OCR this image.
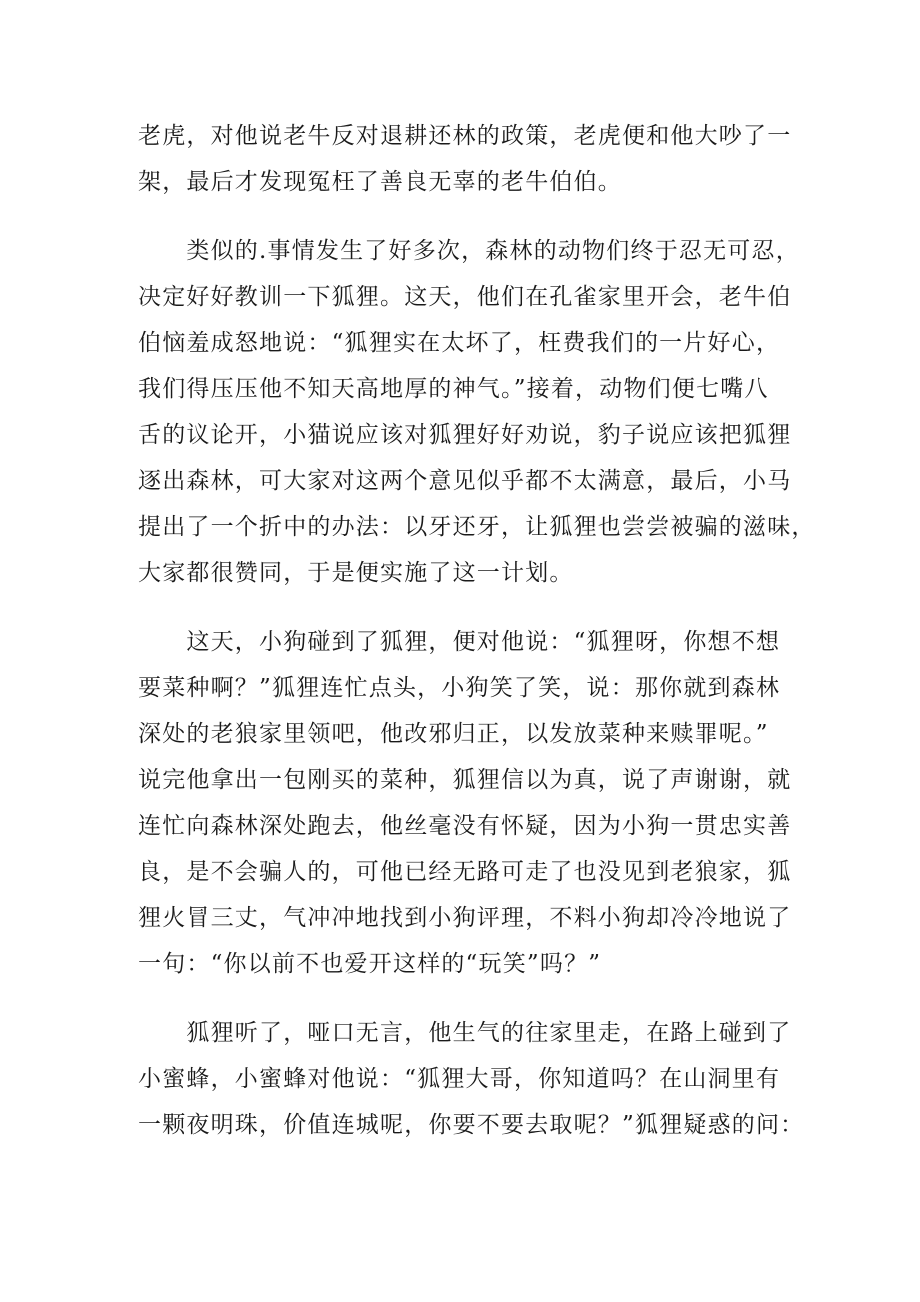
老虎，对他说老牛反对退耕还林的政策，老虎便和他大吵了一
架，最后才发现冤枉了善良无辜的老牛伯伯。

　　类似的.事情发生了好多次，森林的动物们终于忍无可忍，
决定好好教训一下狐狸。这天，他们在孔雀家里开会，老牛伯
伯恼羞成怒地说：“狐狸实在太坏了，枉费我们的一片好心，
我们得压压他不知天高地厚的神气。”接着，动物们便七嘴八
舌的议论开，小猫说应该对狐狸好好劝说，豹子说应该把狐狸
逐出森林，可大家对这两个意见似乎都不太满意，最后，小马
提出了一个折中的办法：以牙还牙，让狐狸也尝尝被骗的滋味，
大家都很赞同，于是便实施了这一计划。

　　这天，小狗碰到了狐狸，便对他说：“狐狸呀，你想不想
要菜种啊？”狐狸连忙点头，小狗笑了笑，说：那你就到森林
深处的老狼家里领吧，他改邪归正，以发放菜种来赎罪呢。”
说完他拿出一包刚买的菜种，狐狸信以为真，说了声谢谢，就
连忙向森林深处跑去，他丝毫没有怀疑，因为小狗一贯忠实善
良，是不会骗人的，可他已经无路可走了也没见到老狼家，狐
狸火冒三丈，气冲冲地找到小狗评理，不料小狗却冷冷地说了
一句：“你以前不也爱开这样的“玩笑”吗？”

　　狐狸听了，哑口无言，他生气的往家里走，在路上碰到了
小蜜蜂，小蜜蜂对他说：“狐狸大哥，你知道吗？在山洞里有
一颗夜明珠，价值连城呢，你要不要去取呢？”狐狸疑惑的问：
